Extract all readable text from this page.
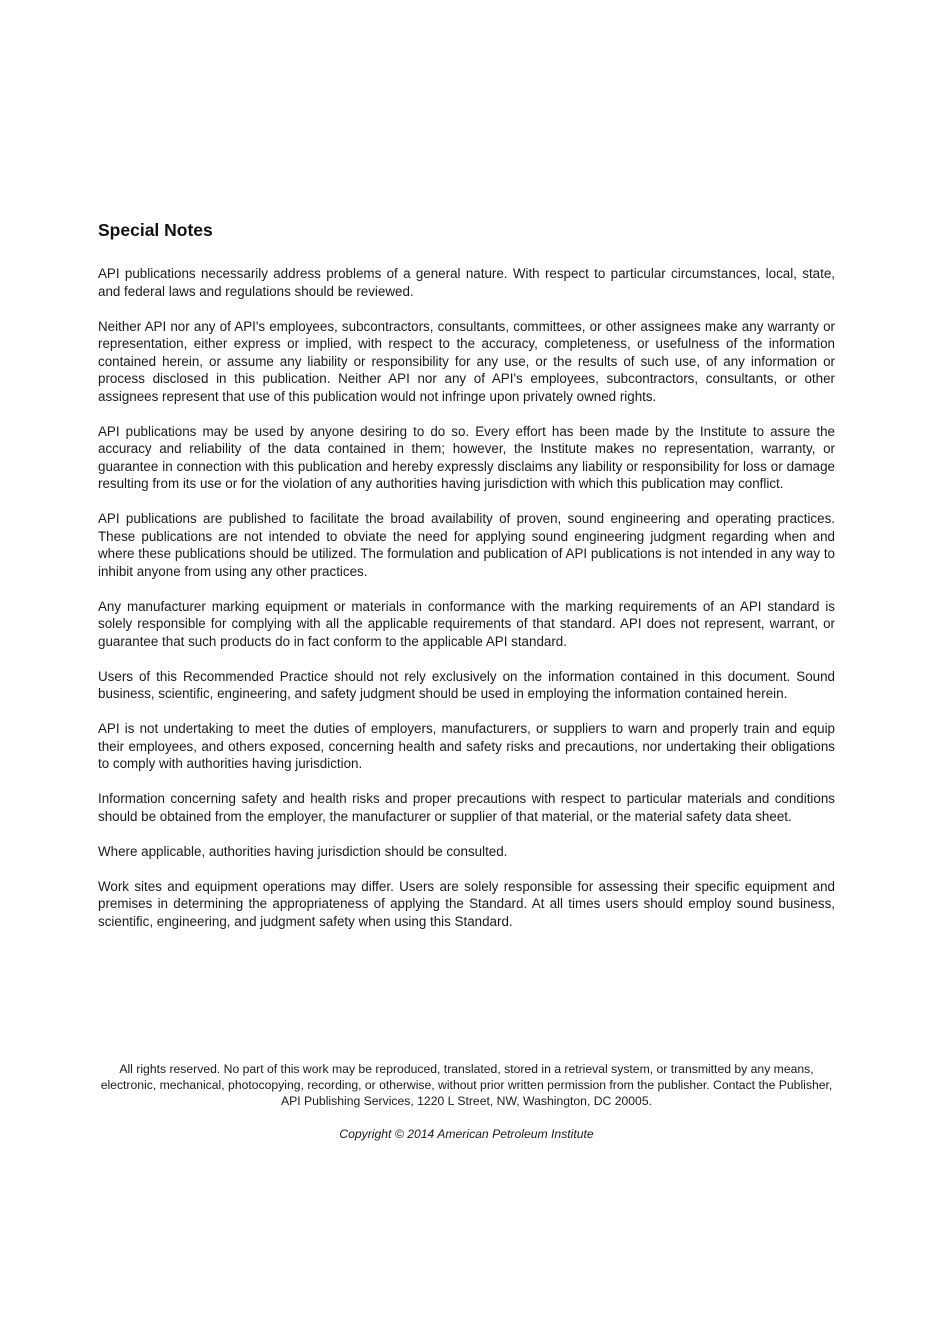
Special Notes

API publications necessarily address problems of a general nature. With respect to particular circumstances, local, state, and federal laws and regulations should be reviewed.

Neither API nor any of API's employees, subcontractors, consultants, committees, or other assignees make any warranty or representation, either express or implied, with respect to the accuracy, completeness, or usefulness of the information contained herein, or assume any liability or responsibility for any use, or the results of such use, of any information or process disclosed in this publication. Neither API nor any of API's employees, subcontractors, consultants, or other assignees represent that use of this publication would not infringe upon privately owned rights.

API publications may be used by anyone desiring to do so. Every effort has been made by the Institute to assure the accuracy and reliability of the data contained in them; however, the Institute makes no representation, warranty, or guarantee in connection with this publication and hereby expressly disclaims any liability or responsibility for loss or damage resulting from its use or for the violation of any authorities having jurisdiction with which this publication may conflict.

API publications are published to facilitate the broad availability of proven, sound engineering and operating practices. These publications are not intended to obviate the need for applying sound engineering judgment regarding when and where these publications should be utilized. The formulation and publication of API publications is not intended in any way to inhibit anyone from using any other practices.

Any manufacturer marking equipment or materials in conformance with the marking requirements of an API standard is solely responsible for complying with all the applicable requirements of that standard. API does not represent, warrant, or guarantee that such products do in fact conform to the applicable API standard.

Users of this Recommended Practice should not rely exclusively on the information contained in this document. Sound business, scientific, engineering, and safety judgment should be used in employing the information contained herein.

API is not undertaking to meet the duties of employers, manufacturers, or suppliers to warn and properly train and equip their employees, and others exposed, concerning health and safety risks and precautions, nor undertaking their obligations to comply with authorities having jurisdiction.

Information concerning safety and health risks and proper precautions with respect to particular materials and conditions should be obtained from the employer, the manufacturer or supplier of that material, or the material safety data sheet.

Where applicable, authorities having jurisdiction should be consulted.

Work sites and equipment operations may differ. Users are solely responsible for assessing their specific equipment and premises in determining the appropriateness of applying the Standard. At all times users should employ sound business, scientific, engineering, and judgment safety when using this Standard.

All rights reserved. No part of this work may be reproduced, translated, stored in a retrieval system, or transmitted by any means, electronic, mechanical, photocopying, recording, or otherwise, without prior written permission from the publisher. Contact the Publisher, API Publishing Services, 1220 L Street, NW, Washington, DC 20005.

Copyright © 2014 American Petroleum Institute
